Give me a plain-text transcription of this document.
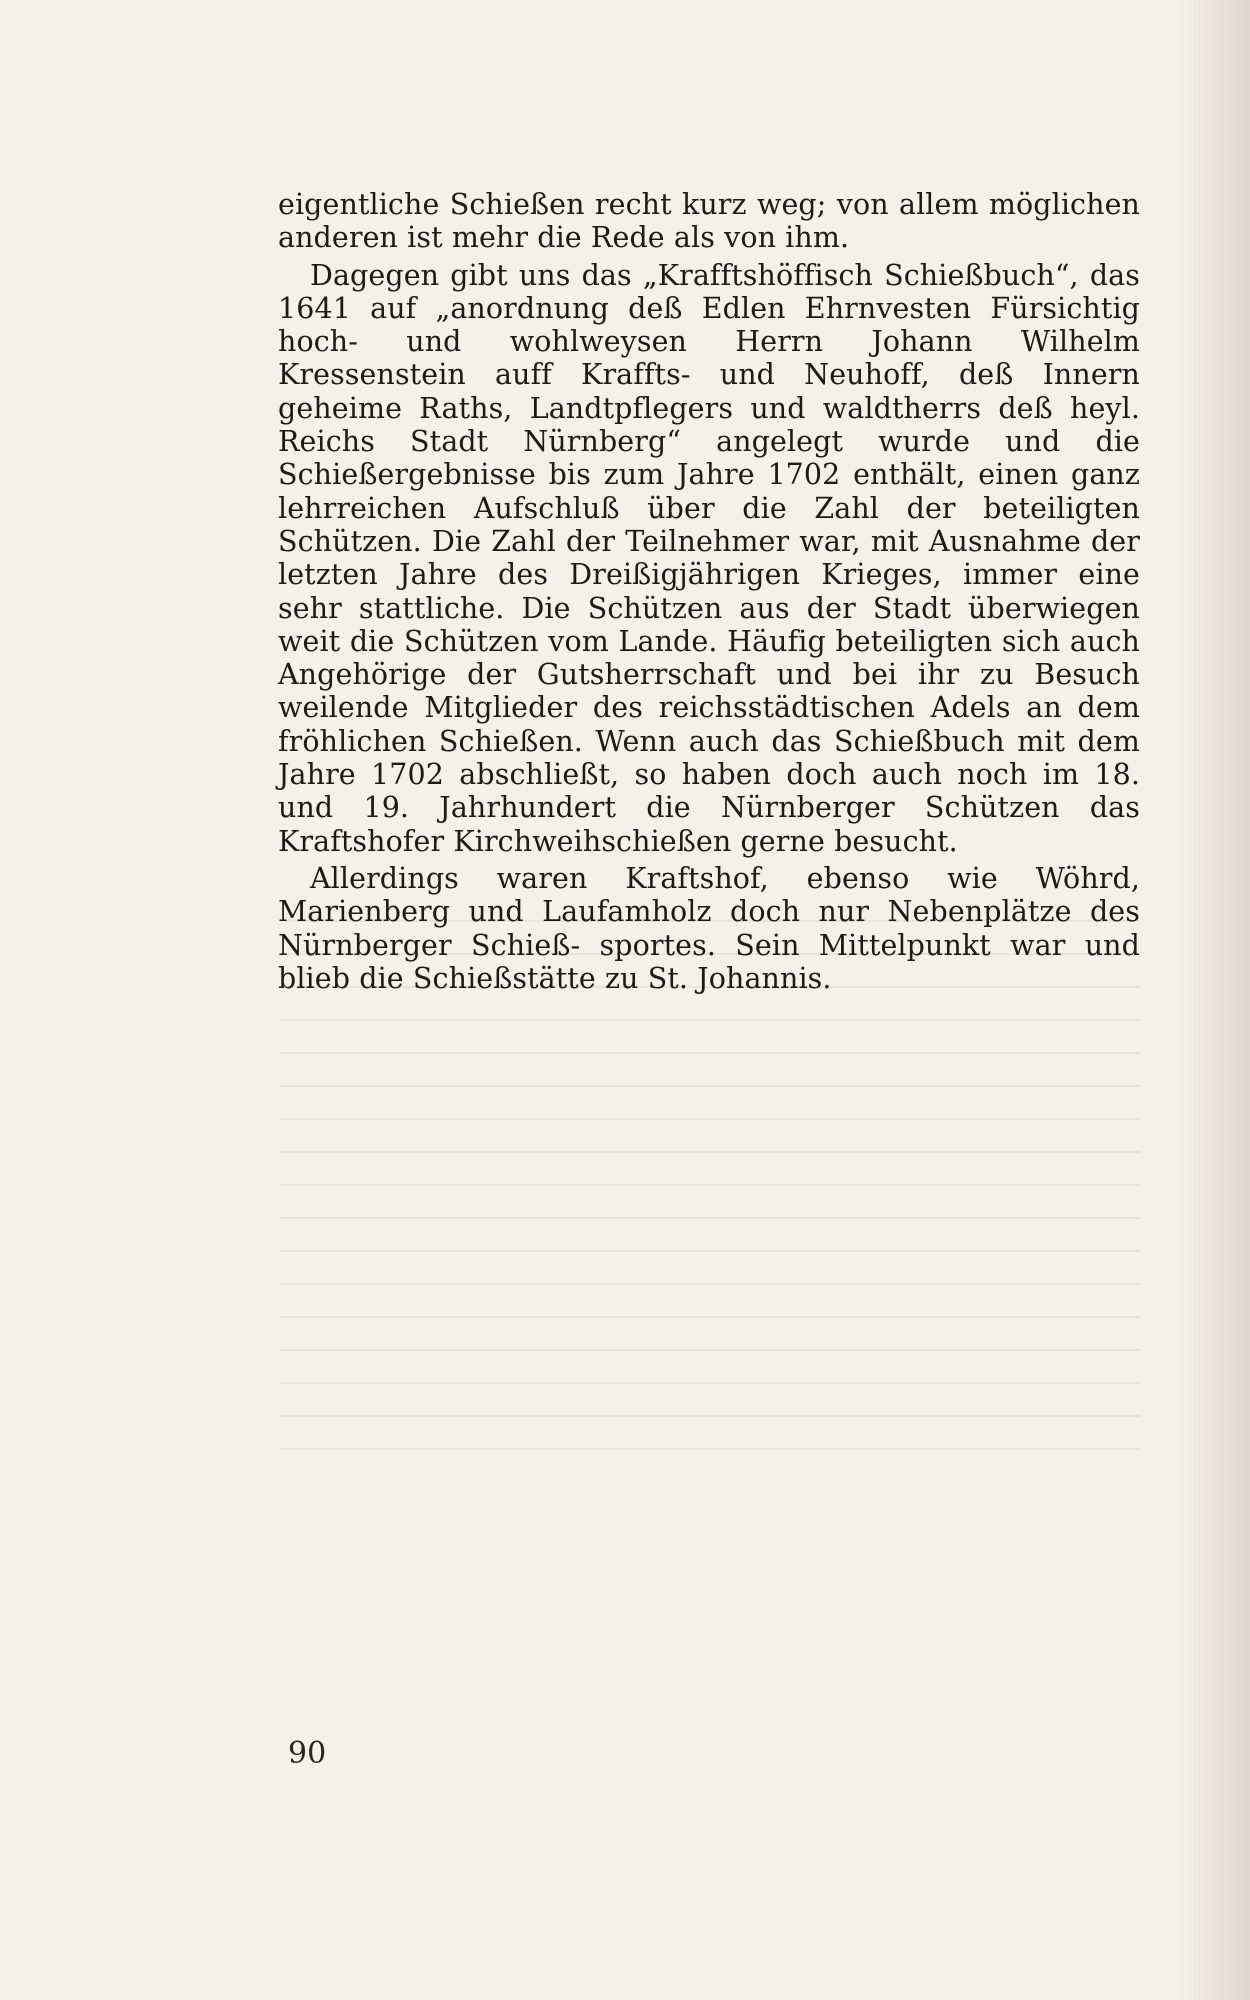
eigentliche Schießen recht kurz weg; von allem möglichen anderen ist mehr die Rede als von ihm.

Dagegen gibt uns das „Krafftshöffisch Schießbuch“, das 1641 auf „anordnung deß Edlen Ehrnvesten Fürsichtig hoch- und wohlweysen Herrn Johann Wilhelm Kressenstein auff Kraffts- und Neuhoff, deß Innern geheime Raths, Landtpflegers und waldtherrs deß heyl. Reichs Stadt Nürnberg“ angelegt wurde und die Schießergebnisse bis zum Jahre 1702 enthält, einen ganz lehrreichen Aufschluß über die Zahl der beteiligten Schützen. Die Zahl der Teilnehmer war, mit Ausnahme der letzten Jahre des Dreißigjährigen Krieges, immer eine sehr stattliche. Die Schützen aus der Stadt überwiegen weit die Schützen vom Lande. Häufig beteiligten sich auch Angehörige der Gutsherrschaft und bei ihr zu Besuch weilende Mitglieder des reichsstädtischen Adels an dem fröhlichen Schießen. Wenn auch das Schießbuch mit dem Jahre 1702 abschließt, so haben doch auch noch im 18. und 19. Jahrhundert die Nürnberger Schützen das Kraftshofer Kirchweihschießen gerne besucht.

Allerdings waren Kraftshof, ebenso wie Wöhrd, Marienberg und Laufamholz doch nur Nebenplätze des Nürnberger Schieß- sportes. Sein Mittelpunkt war und blieb die Schießstätte zu St. Johannis.

90
